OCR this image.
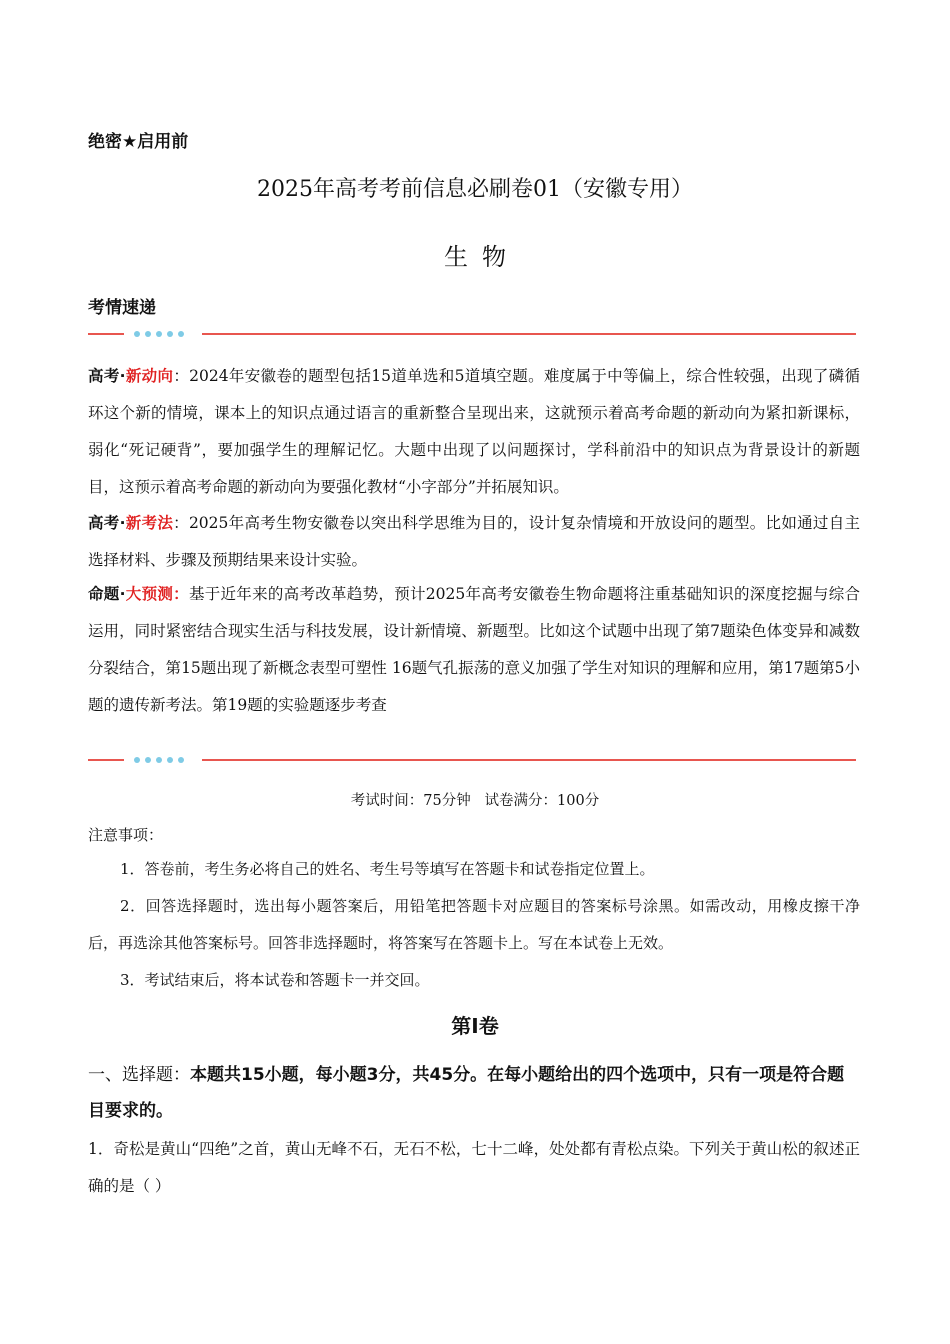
绝密★启用前
2025年高考考前信息必刷卷01（安徽专用）
生物
考情速递
高考·新动向：2024年安徽卷的题型包括15道单选和5道填空题。难度属于中等偏上，综合性较强，出现了磷循环这个新的情境，课本上的知识点通过语言的重新整合呈现出来，这就预示着高考命题的新动向为紧扣新课标，弱化“死记硬背”，要加强学生的理解记忆。大题中出现了以问题探讨，学科前沿中的知识点为背景设计的新题目，这预示着高考命题的新动向为要强化教材“小字部分”并拓展知识。
高考·新考法：2025年高考生物安徽卷以突出科学思维为目的，设计复杂情境和开放设问的题型。比如通过自主选择材料、步骤及预期结果来设计实验。
命题·大预测：基于近年来的高考改革趋势，预计2025年高考安徽卷生物命题将注重基础知识的深度挖掘与综合运用，同时紧密结合现实生活与科技发展，设计新情境、新题型。比如这个试题中出现了第7题染色体变异和减数分裂结合，第15题出现了新概念表型可塑性 16题气孔振荡的意义加强了学生对知识的理解和应用，第17题第5小题的遗传新考法。第19题的实验题逐步考查
考试时间：75分钟   试卷满分：100分
注意事项：
1．答卷前，考生务必将自己的姓名、考生号等填写在答题卡和试卷指定位置上。
2．回答选择题时，选出每小题答案后，用铅笔把答题卡对应题目的答案标号涂黑。如需改动，用橡皮擦干净后，再选涂其他答案标号。回答非选择题时，将答案写在答题卡上。写在本试卷上无效。
3．考试结束后，将本试卷和答题卡一并交回。
第Ⅰ卷
一、选择题：本题共15小题，每小题3分，共45分。在每小题给出的四个选项中，只有一项是符合题目要求的。
1．奇松是黄山“四绝”之首，黄山无峰不石，无石不松，七十二峰，处处都有青松点染。下列关于黄山松的叙述正确的是（ ）
